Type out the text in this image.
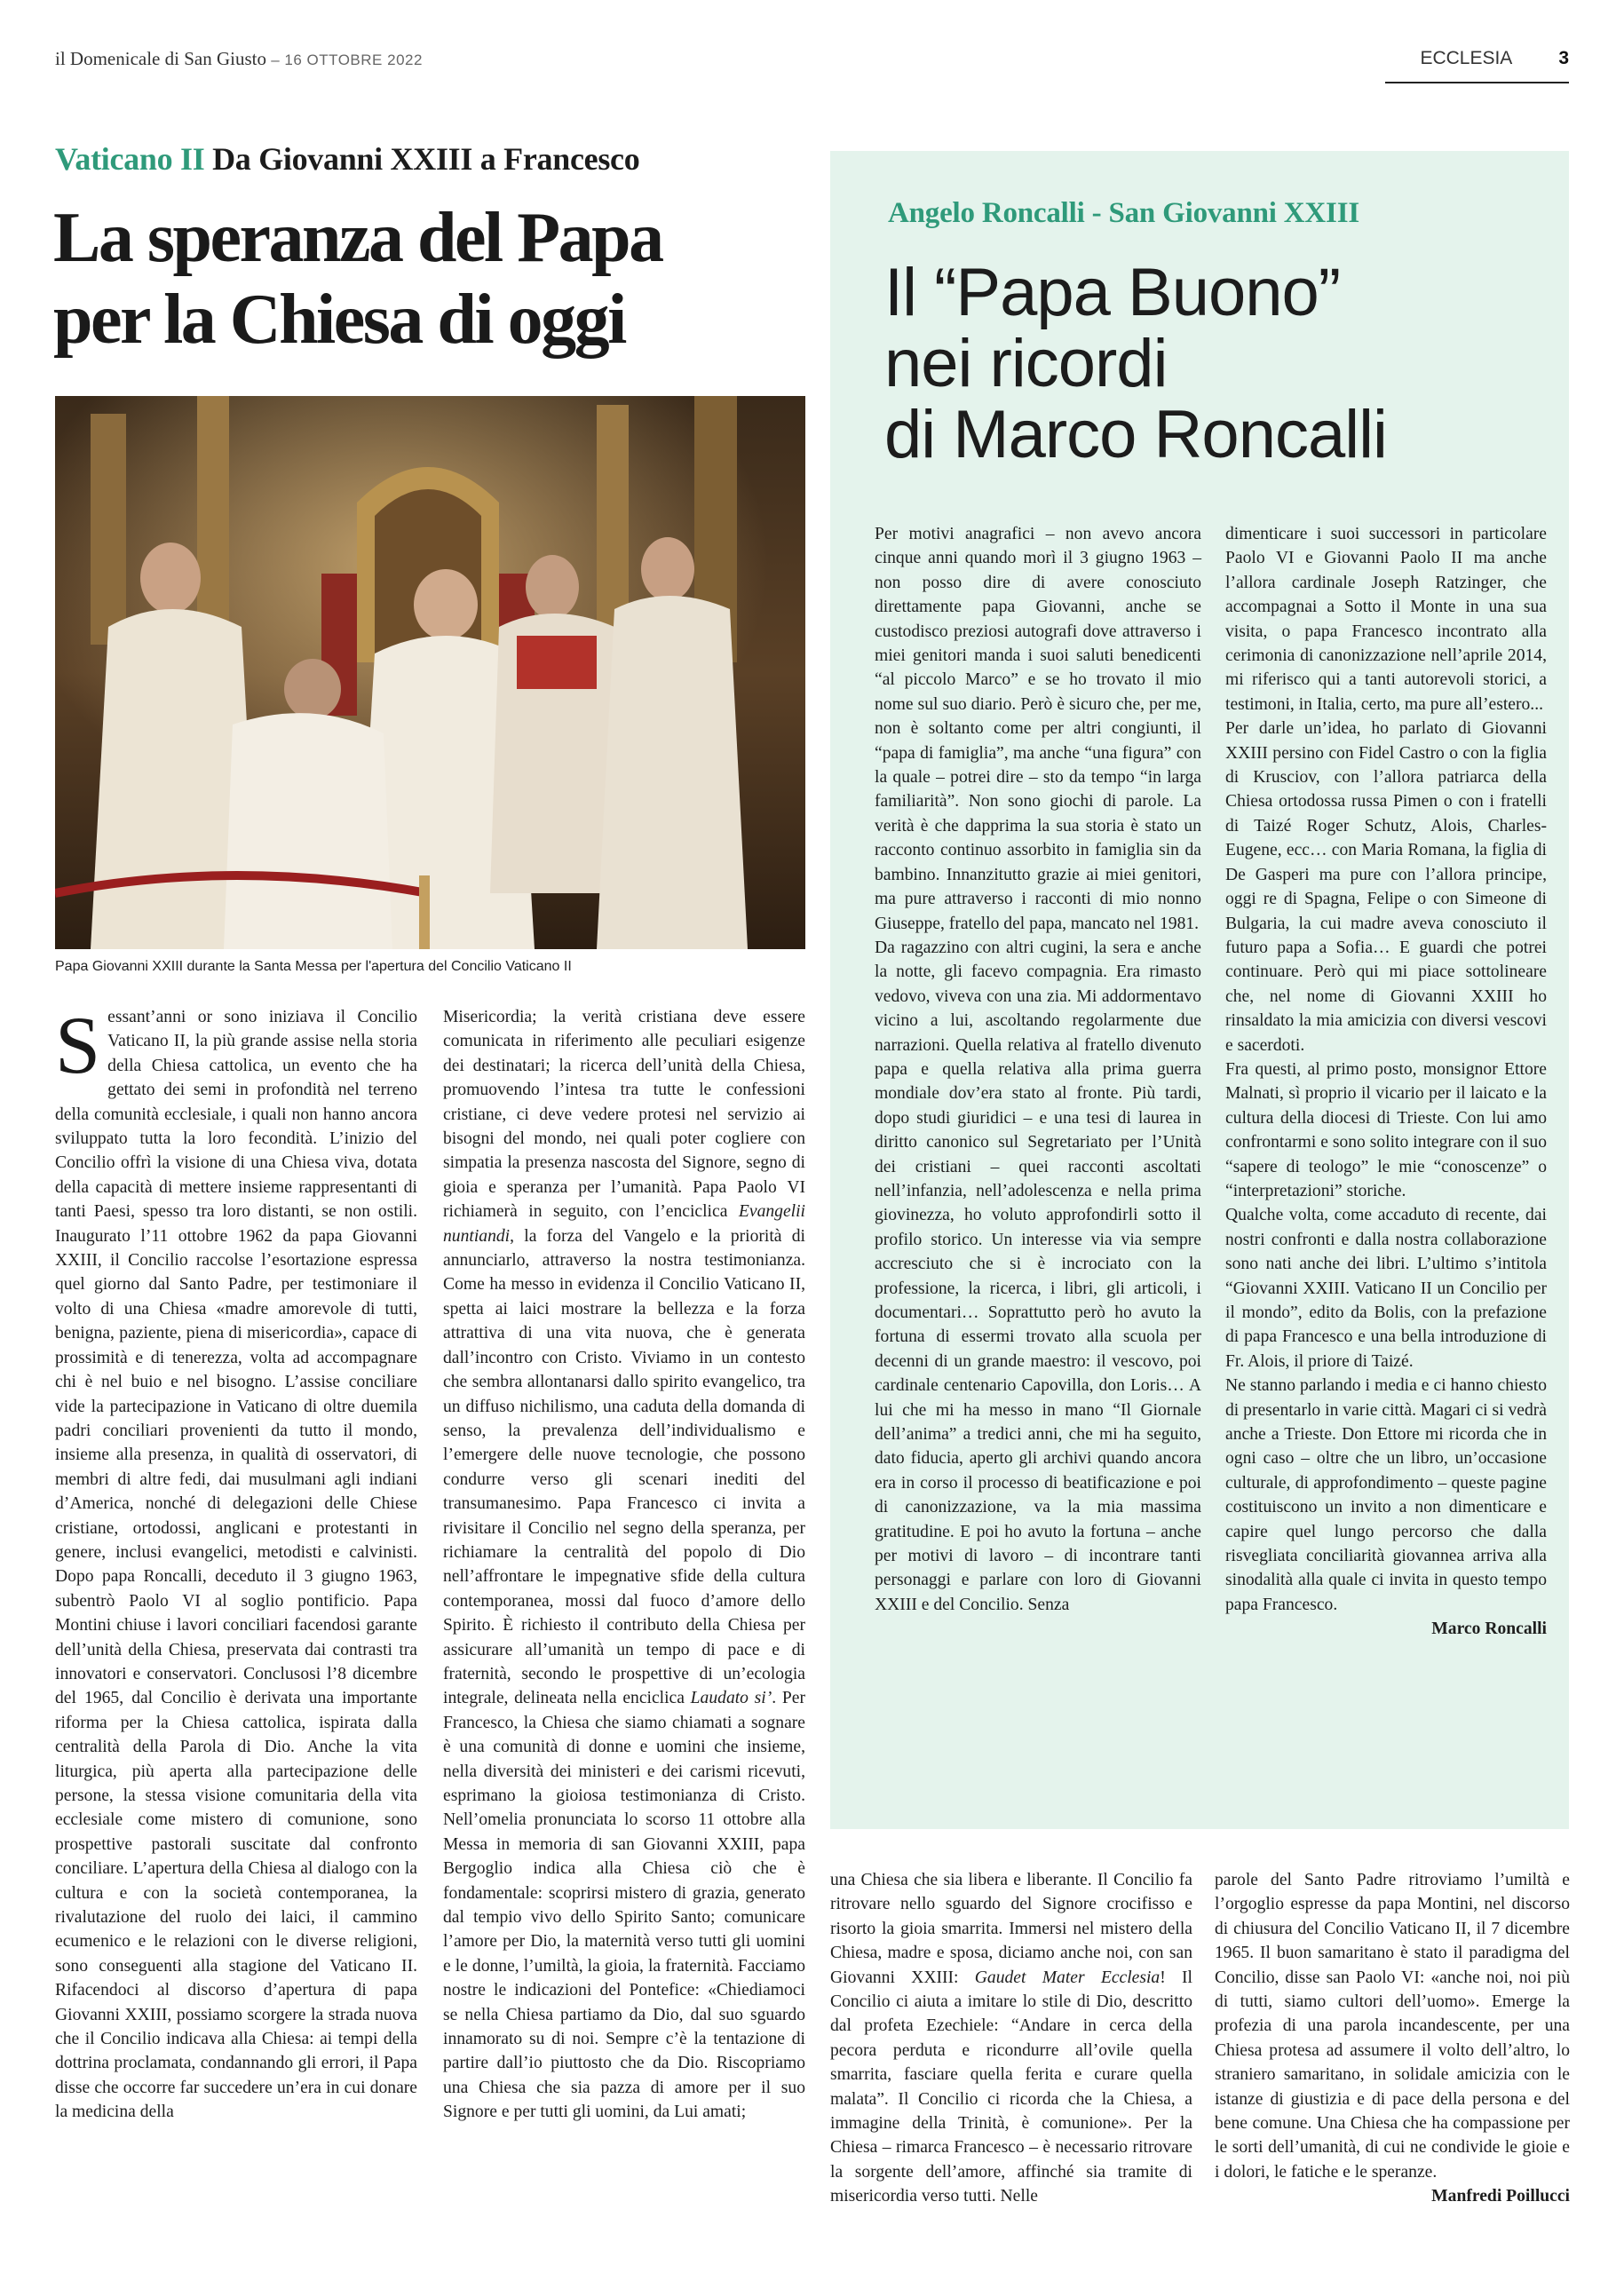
il Domenicale di San Giusto – 16 OTTOBRE 2022	ECCLESIA 3
Vaticano II Da Giovanni XXIII a Francesco
La speranza del Papa
per la Chiesa di oggi
Papa Giovanni XXIII durante la Santa Messa per l'apertura del Concilio Vaticano II

Sessant’anni or sono iniziava il Concilio Vaticano II, la più grande assise nella storia della Chiesa cattolica, un evento che ha gettato dei semi in profondità nel terreno della comunità ecclesiale, i quali non hanno ancora sviluppato tutta la loro fecondità. L’inizio del Concilio offrì la visione di una Chiesa viva, dotata della capacità di mettere insieme rappresentanti di tanti Paesi, spesso tra loro distanti, se non ostili. Inaugurato l’11 ottobre 1962 da papa Giovanni XXIII, il Concilio raccolse l’esortazione espressa quel giorno dal Santo Padre, per testimoniare il volto di una Chiesa «madre amorevole di tutti, benigna, paziente, piena di misericordia», capace di prossimità e di tenerezza, volta ad accompagnare chi è nel buio e nel bisogno. L’assise conciliare vide la partecipazione in Vaticano di oltre duemila padri conciliari provenienti da tutto il mondo, insieme alla presenza, in qualità di osservatori, di membri di altre fedi, dai musulmani agli indiani d’America, nonché di delegazioni delle Chiese cristiane, ortodossi, anglicani e protestanti in genere, inclusi evangelici, metodisti e calvinisti. Dopo papa Roncalli, deceduto il 3 giugno 1963, subentrò Paolo VI al soglio pontificio. Papa Montini chiuse i lavori conciliari facendosi garante dell’unità della Chiesa, preservata dai contrasti tra innovatori e conservatori. Conclusosi l’8 dicembre del 1965, dal Concilio è derivata una importante riforma per la Chiesa cattolica, ispirata dalla centralità della Parola di Dio. Anche la vita liturgica, più aperta alla partecipazione delle persone, la stessa visione comunitaria della vita ecclesiale come mistero di comunione, sono prospettive pastorali suscitate dal confronto conciliare. L’apertura della Chiesa al dialogo con la cultura e con la società contemporanea, la rivalutazione del ruolo dei laici, il cammino ecumenico e le relazioni con le diverse religioni, sono conseguenti alla stagione del Vaticano II. Rifacendoci al discorso d’apertura di papa Giovanni XXIII, possiamo scorgere la strada nuova che il Concilio indicava alla Chiesa: ai tempi della dottrina proclamata, condannando gli errori, il Papa disse che occorre far succedere un’era in cui donare la medicina della

Misericordia; la verità cristiana deve essere comunicata in riferimento alle peculiari esigenze dei destinatari; la ricerca dell’unità della Chiesa, promuovendo l’intesa tra tutte le confessioni cristiane, ci deve vedere protesi nel servizio ai bisogni del mondo, nei quali poter cogliere con simpatia la presenza nascosta del Signore, segno di gioia e speranza per l’umanità. Papa Paolo VI richiamerà in seguito, con l’enciclica Evangelii nuntiandi, la forza del Vangelo e la priorità di annunciarlo, attraverso la nostra testimonianza. Come ha messo in evidenza il Concilio Vaticano II, spetta ai laici mostrare la bellezza e la forza attrattiva di una vita nuova, che è generata dall’incontro con Cristo. Viviamo in un contesto che sembra allontanarsi dallo spirito evangelico, tra un diffuso nichilismo, una caduta della domanda di senso, la prevalenza dell’individualismo e l’emergere delle nuove tecnologie, che possono condurre verso gli scenari inediti del transumanesimo. Papa Francesco ci invita a rivisitare il Concilio nel segno della speranza, per richiamare la centralità del popolo di Dio nell’affrontare le impegnative sfide della cultura contemporanea, mossi dal fuoco d’amore dello Spirito. È richiesto il contributo della Chiesa per assicurare all’umanità un tempo di pace e di fraternità, secondo le prospettive di un’ecologia integrale, delineata nella enciclica Laudato si’. Per Francesco, la Chiesa che siamo chiamati a sognare è una comunità di donne e uomini che insieme, nella diversità dei ministeri e dei carismi ricevuti, esprimano la gioiosa testimonianza di Cristo. Nell’omelia pronunciata lo scorso 11 ottobre alla Messa in memoria di san Giovanni XXIII, papa Bergoglio indica alla Chiesa ciò che è fondamentale: scoprirsi mistero di grazia, generato dal tempio vivo dello Spirito Santo; comunicare l’amore per Dio, la maternità verso tutti gli uomini e le donne, l’umiltà, la gioia, la fraternità. Facciamo nostre le indicazioni del Pontefice: «Chiediamoci se nella Chiesa partiamo da Dio, dal suo sguardo innamorato su di noi. Sempre c’è la tentazione di partire dall’io piuttosto che da Dio. Riscopriamo una Chiesa che sia pazza di amore per il suo Signore e per tutti gli uomini, da Lui amati;

una Chiesa che sia libera e liberante. Il Concilio fa ritrovare nello sguardo del Signore crocifisso e risorto la gioia smarrita. Immersi nel mistero della Chiesa, madre e sposa, diciamo anche noi, con san Giovanni XXIII: Gaudet Mater Ecclesia! Il Concilio ci aiuta a imitare lo stile di Dio, descritto dal profeta Ezechiele: “Andare in cerca della pecora perduta e ricondurre all’ovile quella smarrita, fasciare quella ferita e curare quella malata”. Il Concilio ci ricorda che la Chiesa, a immagine della Trinità, è comunione». Per la Chiesa – rimarca Francesco – è necessario ritrovare la sorgente dell’amore, affinché sia tramite di misericordia verso tutti. Nelle

parole del Santo Padre ritroviamo l’umiltà e l’orgoglio espresse da papa Montini, nel discorso di chiusura del Concilio Vaticano II, il 7 dicembre 1965. Il buon samaritano è stato il paradigma del Concilio, disse san Paolo VI: «anche noi, noi più di tutti, siamo cultori dell’uomo». Emerge la profezia di una parola incandescente, per una Chiesa protesa ad assumere il volto dell’altro, lo straniero samaritano, in solidale amicizia con le istanze di giustizia e di pace della persona e del bene comune. Una Chiesa che ha compassione per le sorti dell’umanità, di cui ne condivide le gioie e i dolori, le fatiche e le speranze.

Manfredi Poillucci

Angelo Roncalli - San Giovanni XXIII
Il “Papa Buono”
nei ricordi
di Marco Roncalli

Per motivi anagrafici – non avevo ancora cinque anni quando morì il 3 giugno 1963 – non posso dire di avere conosciuto direttamente papa Giovanni, anche se custodisco preziosi autografi dove attraverso i miei genitori manda i suoi saluti benedicenti “al piccolo Marco” e se ho trovato il mio nome sul suo diario. Però è sicuro che, per me, non è soltanto come per altri congiunti, il “papa di famiglia”, ma anche “una figura” con la quale – potrei dire – sto da tempo “in larga familiarità”. Non sono giochi di parole. La verità è che dapprima la sua storia è stato un racconto continuo assorbito in famiglia sin da bambino. Innanzitutto grazie ai miei genitori, ma pure attraverso i racconti di mio nonno Giuseppe, fratello del papa, mancato nel 1981.

Da ragazzino con altri cugini, la sera e anche la notte, gli facevo compagnia. Era rimasto vedovo, viveva con una zia. Mi addormentavo vicino a lui, ascoltando regolarmente due narrazioni. Quella relativa al fratello divenuto papa e quella relativa alla prima guerra mondiale dov’era stato al fronte. Più tardi, dopo studi giuridici – e una tesi di laurea in diritto canonico sul Segretariato per l’Unità dei cristiani – quei racconti ascoltati nell’infanzia, nell’adolescenza e nella prima giovinezza, ho voluto approfondirli sotto il profilo storico. Un interesse via via sempre accresciuto che si è incrociato con la professione, la ricerca, i libri, gli articoli, i documentari… Soprattutto però ho avuto la fortuna di essermi trovato alla scuola per decenni di un grande maestro: il vescovo, poi cardinale centenario Capovilla, don Loris… A lui che mi ha messo in mano “Il Giornale dell’anima” a tredici anni, che mi ha seguito, dato fiducia, aperto gli archivi quando ancora era in corso il processo di beatificazione e poi di canonizzazione, va la mia massima gratitudine. E poi ho avuto la fortuna – anche per motivi di lavoro – di incontrare tanti personaggi e parlare con loro di Giovanni XXIII e del Concilio. Senza

dimenticare i suoi successori in particolare Paolo VI e Giovanni Paolo II ma anche l’allora cardinale Joseph Ratzinger, che accompagnai a Sotto il Monte in una sua visita, o papa Francesco incontrato alla cerimonia di canonizzazione nell’aprile 2014, mi riferisco qui a tanti autorevoli storici, a testimoni, in Italia, certo, ma pure all’estero...

Per darle un’idea, ho parlato di Giovanni XXIII persino con Fidel Castro o con la figlia di Krusciov, con l’allora patriarca della Chiesa ortodossa russa Pimen o con i fratelli di Taizé Roger Schutz, Alois, Charles-Eugene, ecc… con Maria Romana, la figlia di De Gasperi ma pure con l’allora principe, oggi re di Spagna, Felipe o con Simeone di Bulgaria, la cui madre aveva conosciuto il futuro papa a Sofia… E guardi che potrei continuare. Però qui mi piace sottolineare che, nel nome di Giovanni XXIII ho rinsaldato la mia amicizia con diversi vescovi e sacerdoti.

Fra questi, al primo posto, monsignor Ettore Malnati, sì proprio il vicario per il laicato e la cultura della diocesi di Trieste. Con lui amo confrontarmi e sono solito integrare con il suo “sapere di teologo” le mie “conoscenze” o “interpretazioni” storiche.

Qualche volta, come accaduto di recente, dai nostri confronti e dalla nostra collaborazione sono nati anche dei libri. L’ultimo s’intitola “Giovanni XXIII. Vaticano II un Concilio per il mondo”, edito da Bolis, con la prefazione di papa Francesco e una bella introduzione di Fr. Alois, il priore di Taizé.

Ne stanno parlando i media e ci hanno chiesto di presentarlo in varie città. Magari ci si vedrà anche a Trieste. Don Ettore mi ricorda che in ogni caso – oltre che un libro, un’occasione culturale, di approfondimento – queste pagine costituiscono un invito a non dimenticare e capire quel lungo percorso che dalla risvegliata conciliarità giovannea arriva alla sinodalità alla quale ci invita in questo tempo papa Francesco.

Marco Roncalli
